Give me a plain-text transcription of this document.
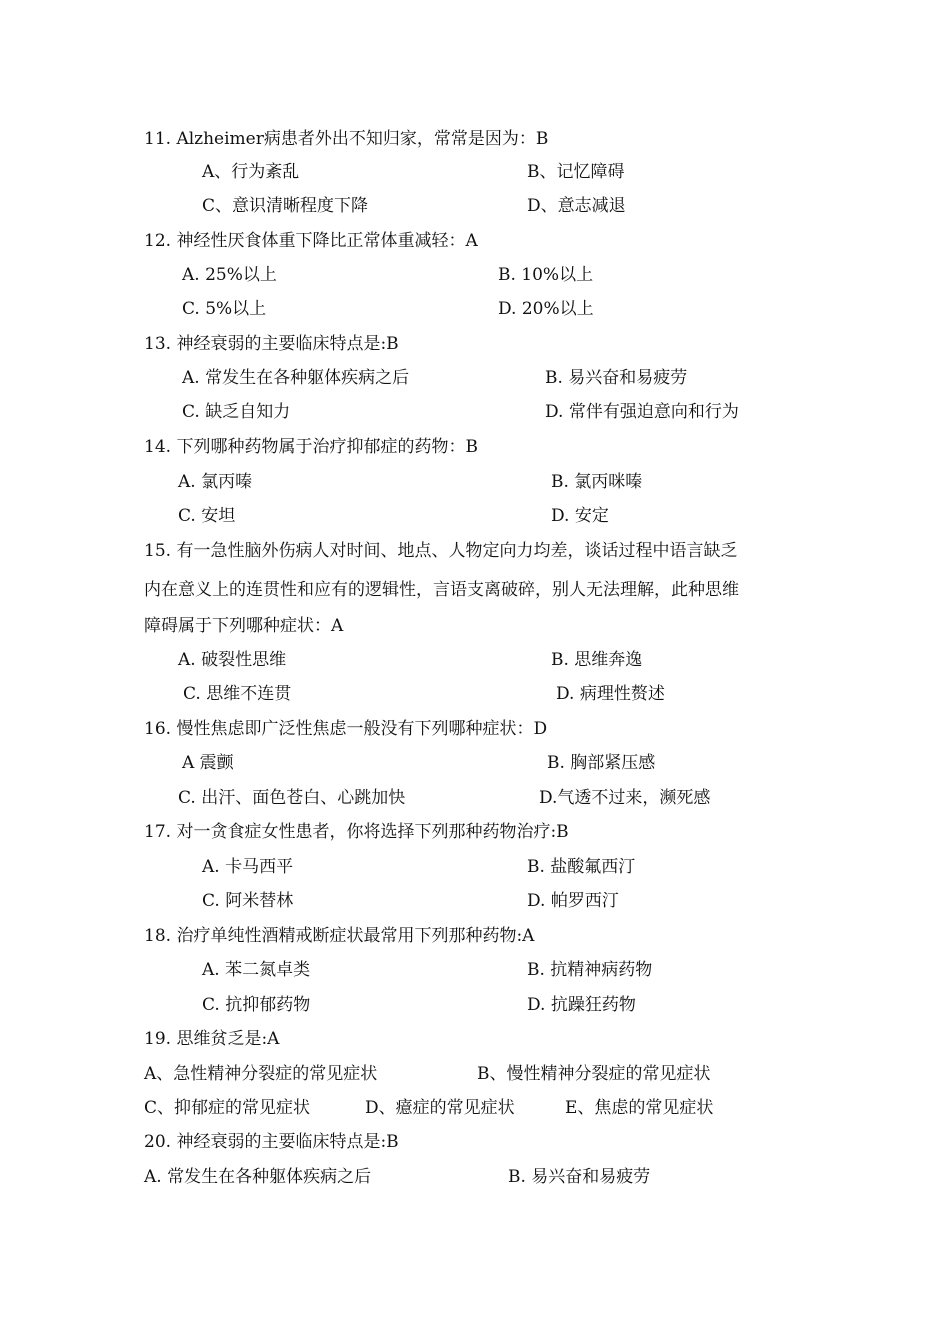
11. Alzheimer病患者外出不知归家，常常是因为：B
A、行为紊乱	B、记忆障碍
C、意识清晰程度下降	D、意志减退
12. 神经性厌食体重下降比正常体重减轻：A
A. 25%以上	B. 10%以上
C. 5%以上	D. 20%以上
13. 神经衰弱的主要临床特点是:B
A. 常发生在各种躯体疾病之后	B. 易兴奋和易疲劳
C. 缺乏自知力	D. 常伴有强迫意向和行为
14. 下列哪种药物属于治疗抑郁症的药物：B
A. 氯丙嗪	B. 氯丙咪嗪
C. 安坦	D. 安定
15. 有一急性脑外伤病人对时间、地点、人物定向力均差，谈话过程中语言缺乏
内在意义上的连贯性和应有的逻辑性，言语支离破碎，别人无法理解，此种思维
障碍属于下列哪种症状：A
A. 破裂性思维	B. 思维奔逸
C. 思维不连贯	D. 病理性赘述
16. 慢性焦虑即广泛性焦虑一般没有下列哪种症状：D
A 震颤	B. 胸部紧压感
C. 出汗、面色苍白、心跳加快	D.气透不过来，濒死感
17. 对一贪食症女性患者，你将选择下列那种药物治疗:B
A. 卡马西平	B. 盐酸氟西汀
C. 阿米替林	D. 帕罗西汀
18. 治疗单纯性酒精戒断症状最常用下列那种药物:A
A. 苯二氮卓类	B. 抗精神病药物
C. 抗抑郁药物	D. 抗躁狂药物
19. 思维贫乏是:A
A、急性精神分裂症的常见症状	B、慢性精神分裂症的常见症状
C、抑郁症的常见症状	D、癔症的常见症状	E、焦虑的常见症状
20. 神经衰弱的主要临床特点是:B
A. 常发生在各种躯体疾病之后	B. 易兴奋和易疲劳
